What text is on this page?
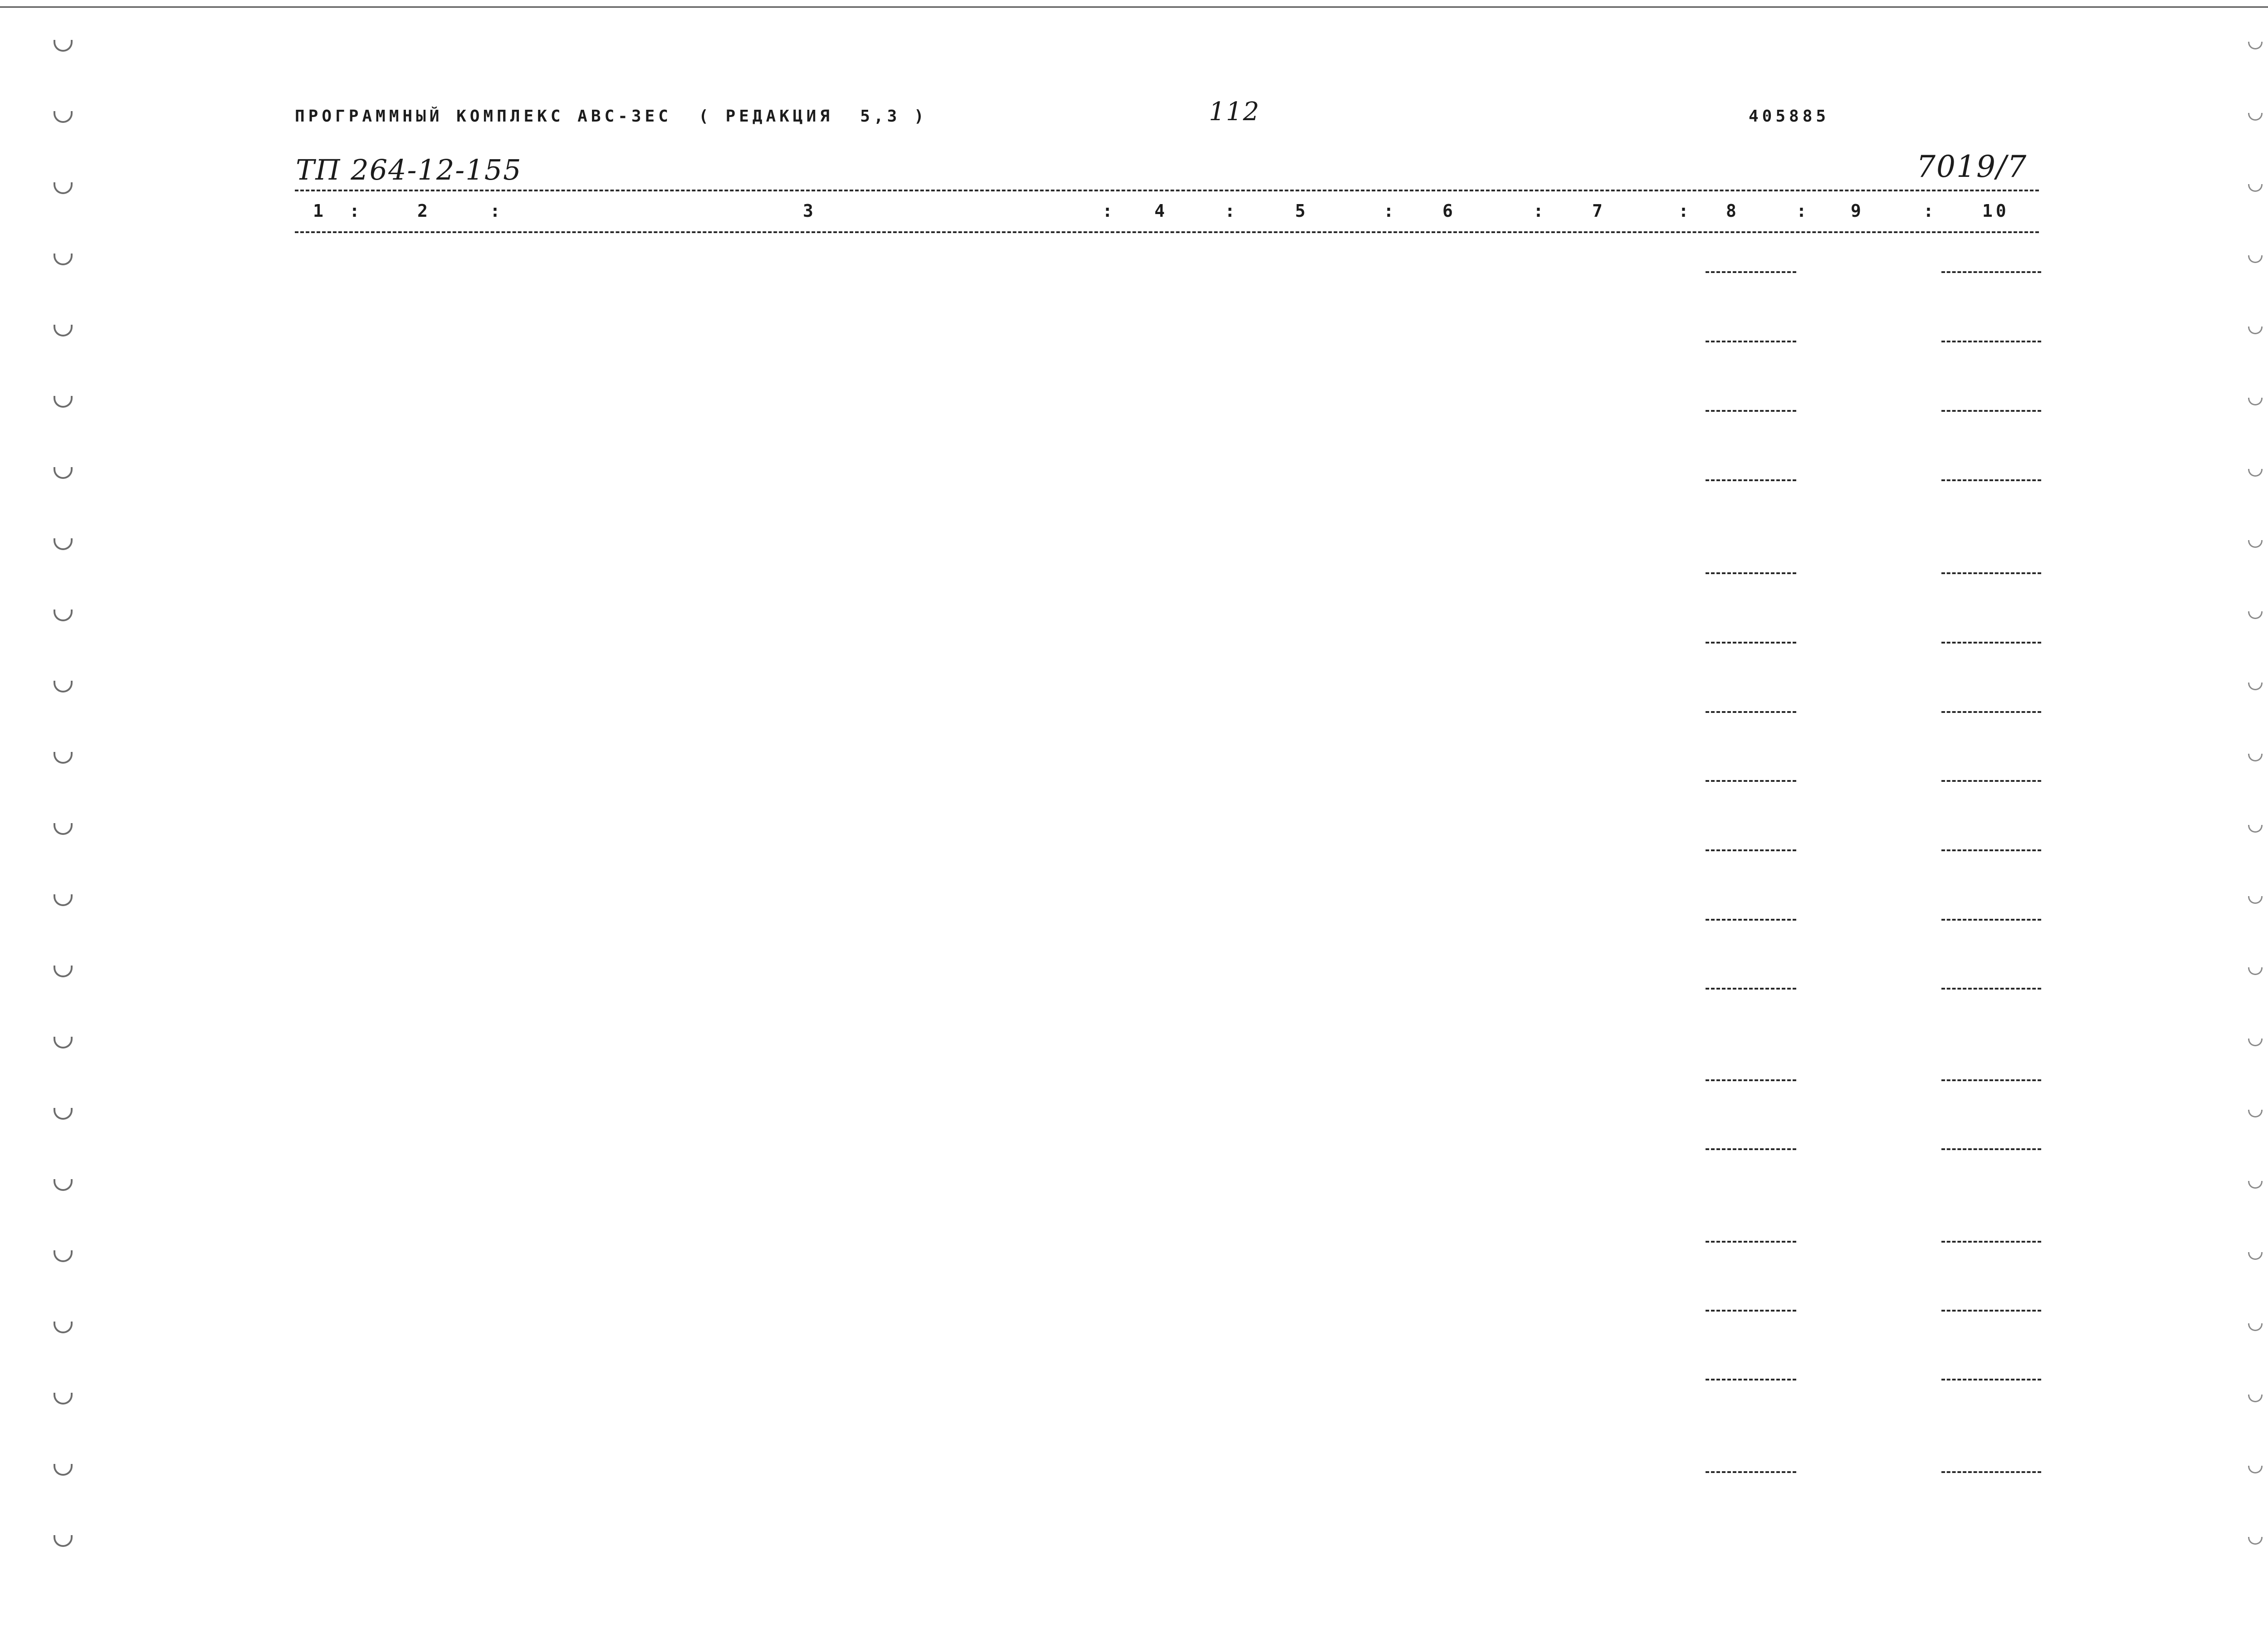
ПРОГРАММНЫЙ КОМПЛЕКС АВС-3ЕС  ( РЕДАКЦИЯ  5,3 )	112	405885
ТП 264-12-155	7019/7
1	2	3	4	5	6	7	8	9	10
:	:	:	:	:	:	:	:	:
